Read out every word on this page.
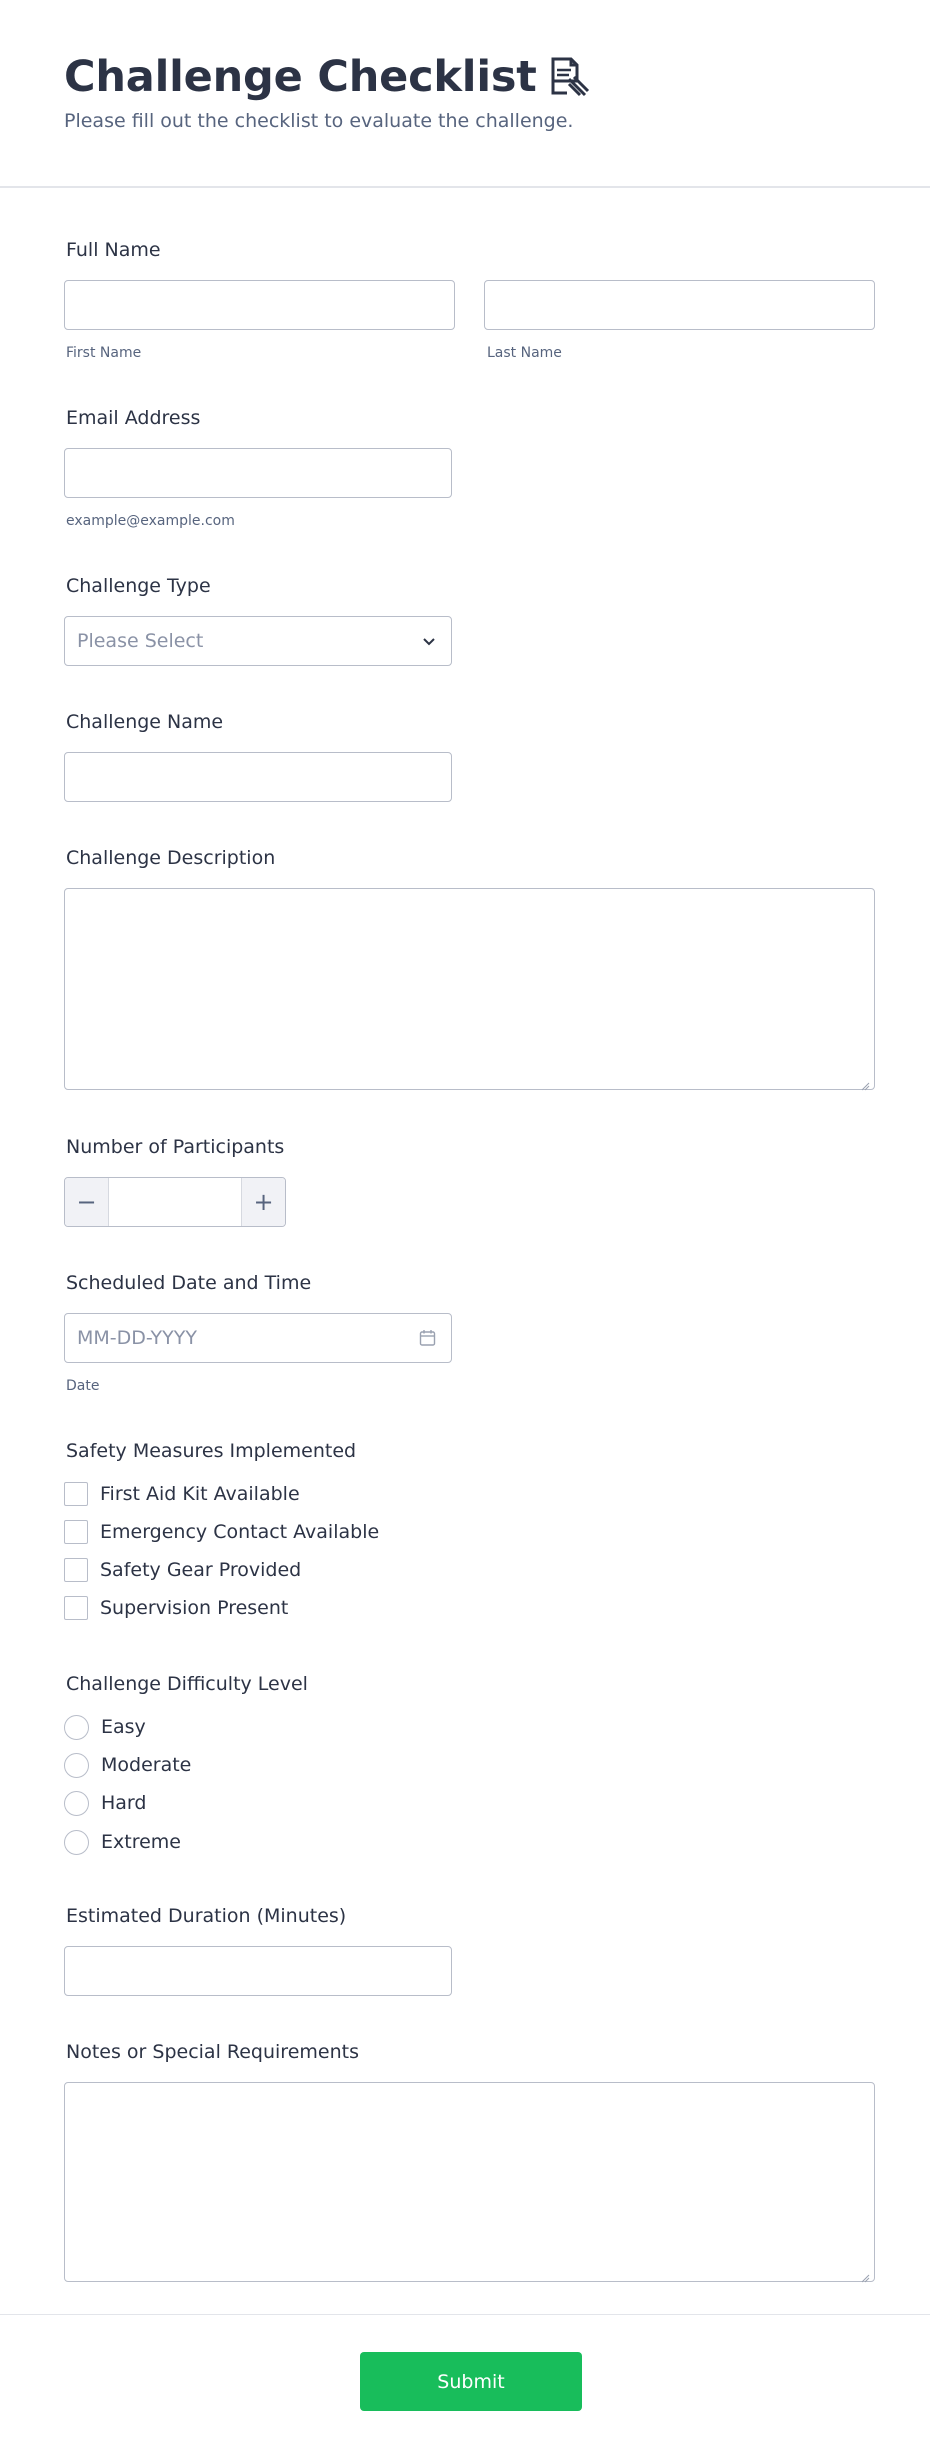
Challenge Checklist

Please fill out the checklist to evaluate the challenge.

Full Name
First Name	Last Name
Email Address
example@example.com
Challenge Type
Please Select
Challenge Name
Challenge Description
Number of Participants
−	+
Scheduled Date and Time
MM-DD-YYYY
Date
Safety Measures Implemented
First Aid Kit Available
Emergency Contact Available
Safety Gear Provided
Supervision Present
Challenge Difficulty Level
Easy
Moderate
Hard
Extreme
Estimated Duration (Minutes)
Notes or Special Requirements
Submit
